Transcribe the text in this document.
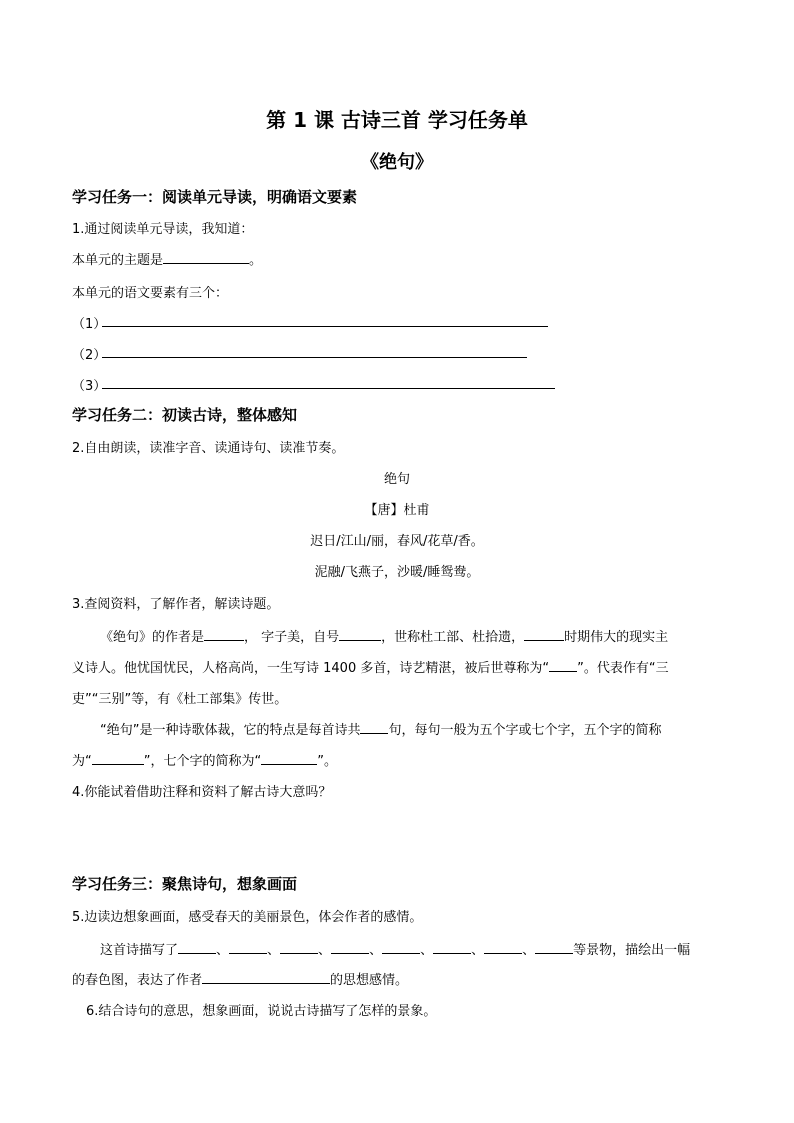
第 1 课 古诗三首 学习任务单
《绝句》
学习任务一：阅读单元导读，明确语文要素
1.通过阅读单元导读，我知道：
本单元的主题是	。
本单元的语文要素有三个：
（1）
（2）
（3）
学习任务二：初读古诗，整体感知
2.自由朗读，读准字音、读通诗句、读准节奏。
绝句
【唐】杜甫
迟日/江山/丽，春风/花草/香。
泥融/飞燕子，沙暖/睡鸳鸯。
3.查阅资料，了解作者，解读诗题。
《绝句》的作者是	， 字子美，自号	，世称杜工部、杜拾遗，	时期伟大的现实主
义诗人。他忧国忧民，人格高尚，一生写诗 1400 多首，诗艺精湛，被后世尊称为“ ”。代表作有“三
吏”“三别”等，有《杜工部集》传世。
“绝句”是一种诗歌体裁，它的特点是每首诗共 句，每句一般为五个字或七个字，五个字的简称
为“	”，七个字的简称为“	”。
4.你能试着借助注释和资料了解古诗大意吗？
学习任务三：聚焦诗句，想象画面
5.边读边想象画面，感受春天的美丽景色，体会作者的感情。
这首诗描写了	、	、	、	、	、	、	、	等景物，描绘出一幅
的春色图，表达了作者	的思想感情。
6.结合诗句的意思，想象画面，说说古诗描写了怎样的景象。
